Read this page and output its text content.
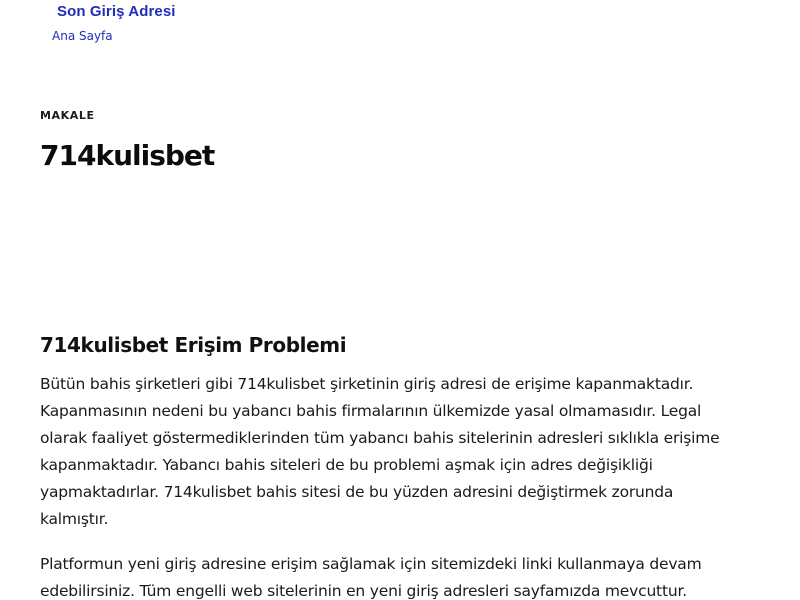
Son Giriş Adresi
Ana Sayfa
MAKALE
714kulisbet
714kulisbet Erişim Problemi

Bütün bahis şirketleri gibi 714kulisbet şirketinin giriş adresi de erişime kapanmaktadır. Kapanmasının nedeni bu yabancı bahis firmalarının ülkemizde yasal olmamasıdır. Legal olarak faaliyet göstermediklerinden tüm yabancı bahis sitelerinin adresleri sıklıkla erişime kapanmaktadır. Yabancı bahis siteleri de bu problemi aşmak için adres değişikliği yapmaktadırlar. 714kulisbet bahis sitesi de bu yüzden adresini değiştirmek zorunda kalmıştır.

Platformun yeni giriş adresine erişim sağlamak için sitemizdeki linki kullanmaya devam edebilirsiniz. Tüm engelli web sitelerinin en yeni giriş adresleri sayfamızda mevcuttur.
